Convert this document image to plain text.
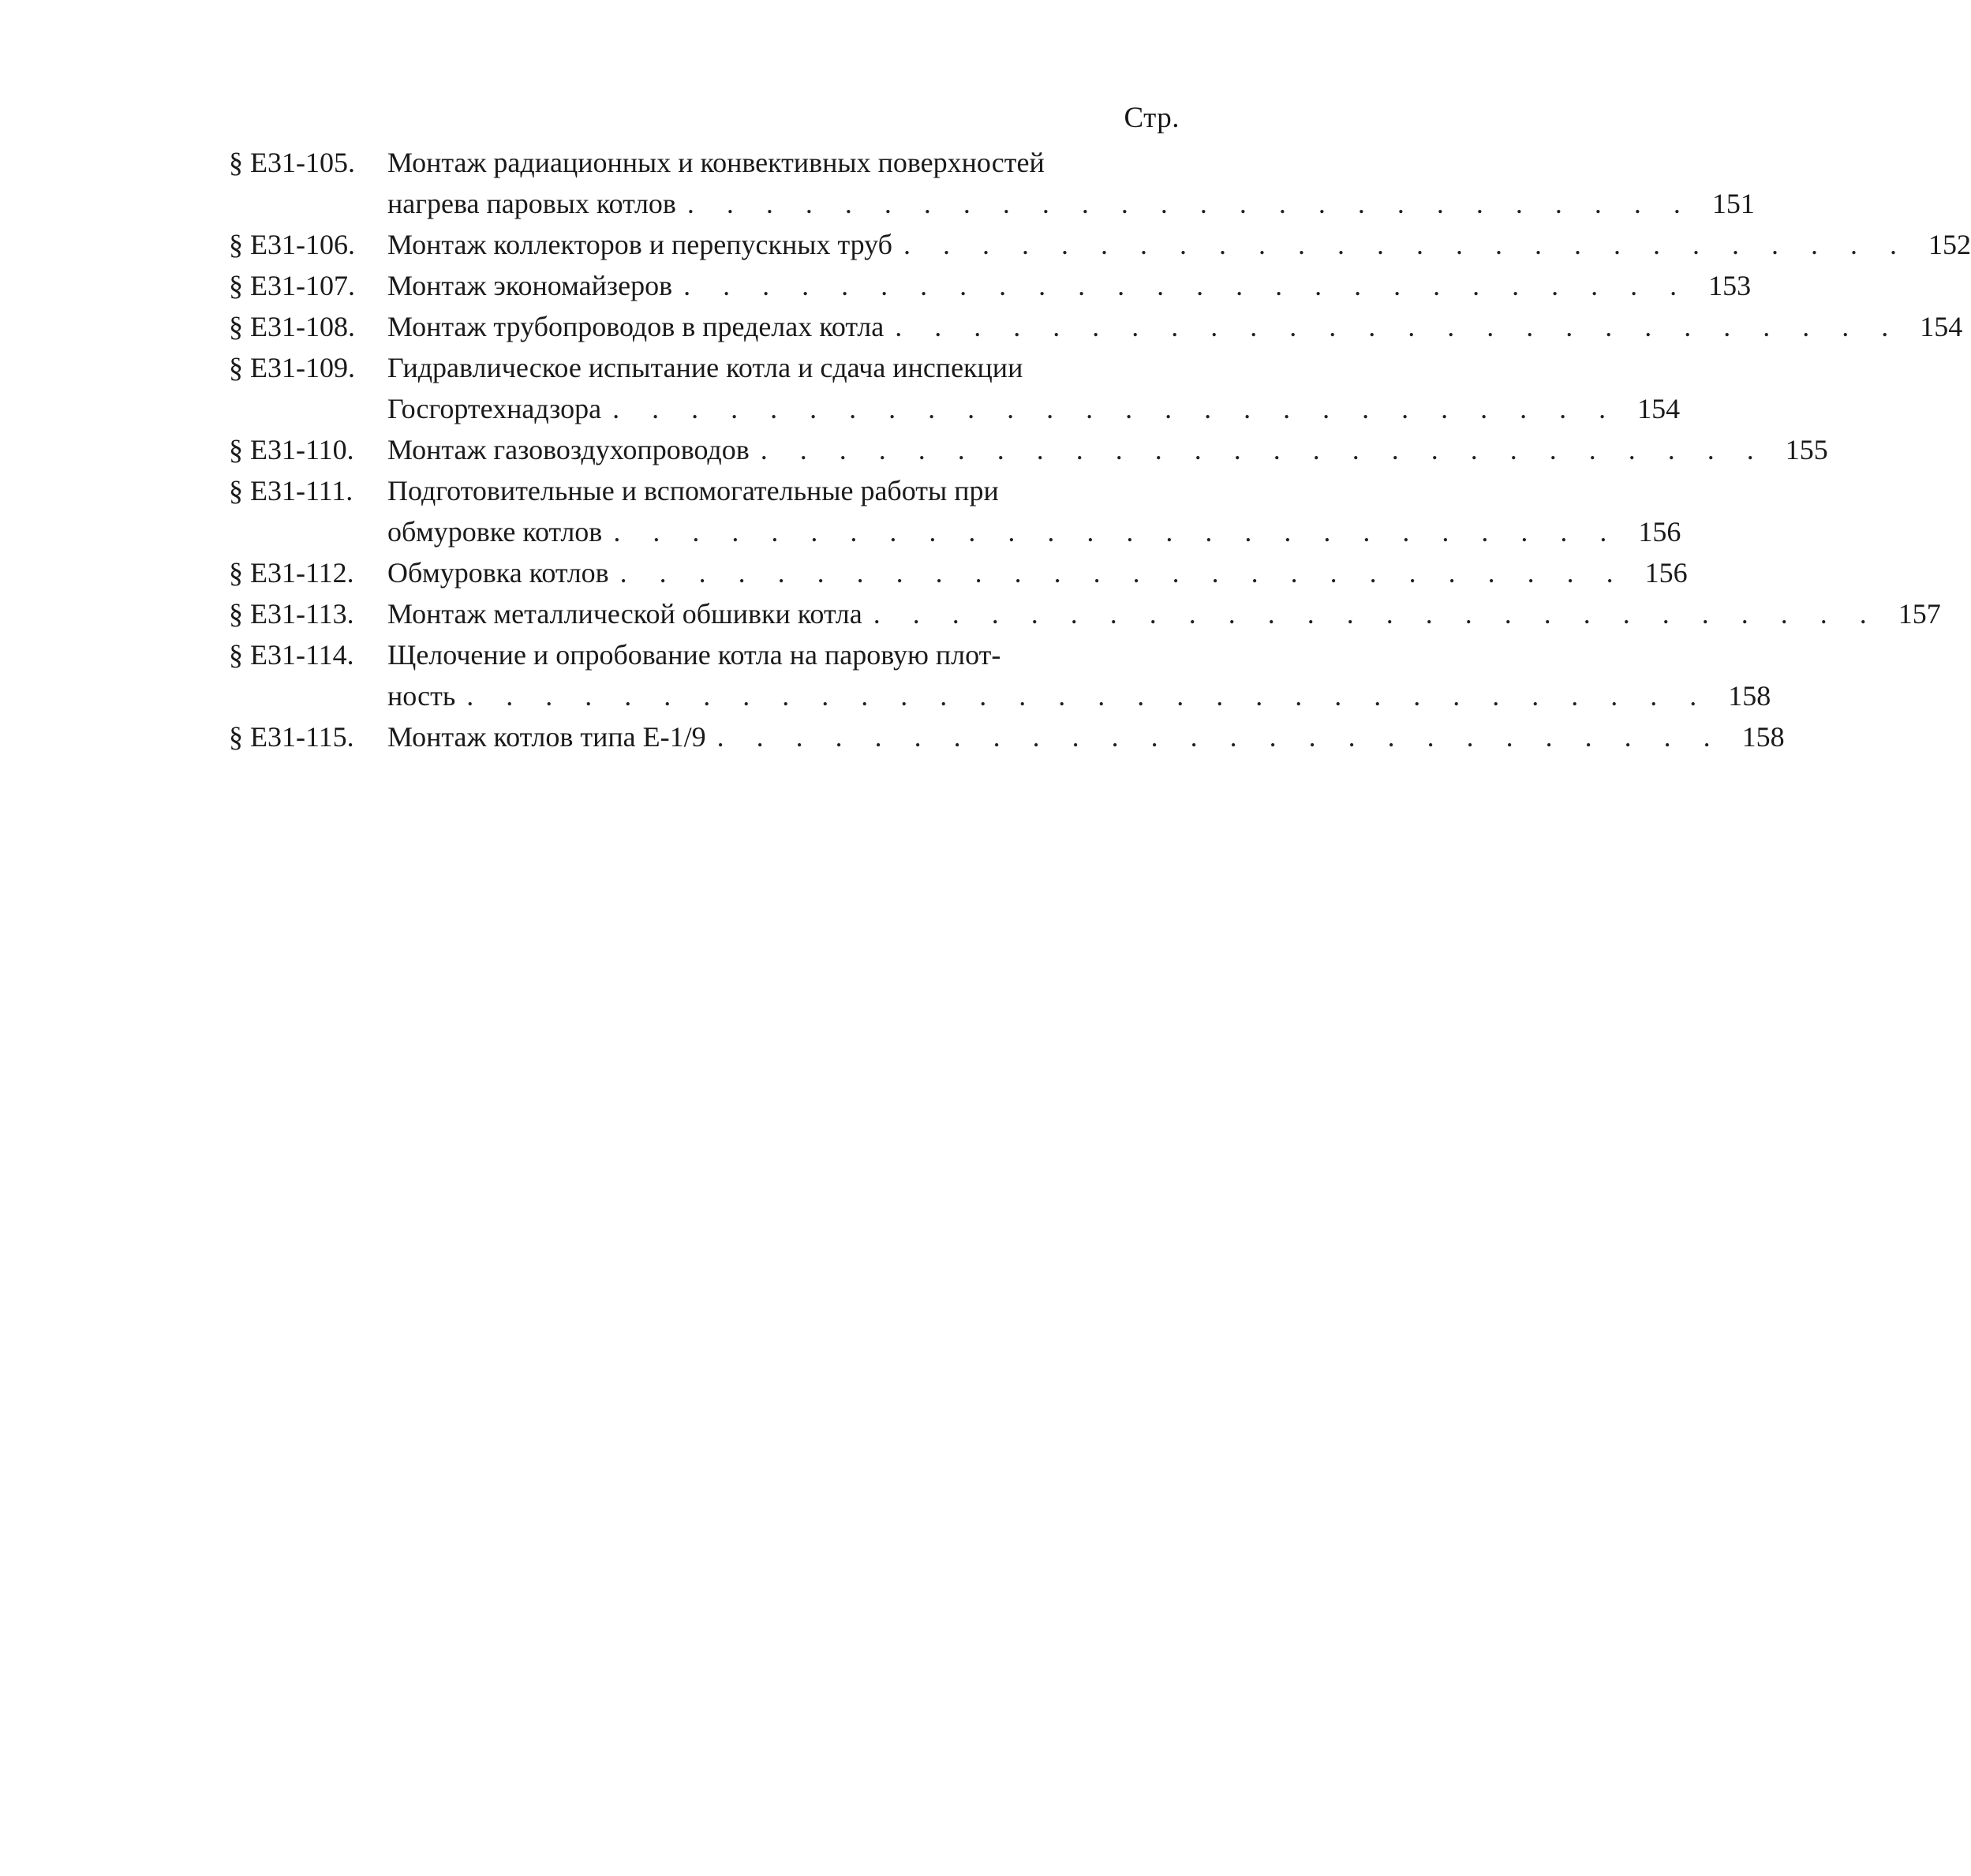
Стр.
§ Е31-105.	Монтаж радиационных и конвективных поверхностей
нагрева паровых котлов . . . . . . . . . . . . . . . . . . . . . . . . . . 151
§ Е31-106.	Монтаж коллекторов и перепускных труб . . . . . . . . . . . . . . . . . . . . . . . . . . 152
§ Е31-107.	Монтаж экономайзеров . . . . . . . . . . . . . . . . . . . . . . . . . . 153
§ Е31-108.	Монтаж трубопроводов в пределах котла . . . . . . . . . . . . . . . . . . . . . . . . . . 154
§ Е31-109.	Гидравлическое испытание котла и сдача инспекции
Госгортехнадзора . . . . . . . . . . . . . . . . . . . . . . . . . . 154
§ Е31-110.	Монтаж газовоздухопроводов . . . . . . . . . . . . . . . . . . . . . . . . . . 155
§ Е31-111.	Подготовительные и вспомогательные работы при
обмуровке котлов . . . . . . . . . . . . . . . . . . . . . . . . . . 156
§ Е31-112.	Обмуровка котлов . . . . . . . . . . . . . . . . . . . . . . . . . . 156
§ Е31-113.	Монтаж металлической обшивки котла . . . . . . . . . . . . . . . . . . . . . . . . . . 157
§ Е31-114.	Щелочение и опробование котла на паровую плот-
ность . . . . . . . . . . . . . . . . . . . . . . . . . . . . . . . . 158
§ Е31-115.	Монтаж котлов типа Е-1/9 . . . . . . . . . . . . . . . . . . . . . . . . . . 158
